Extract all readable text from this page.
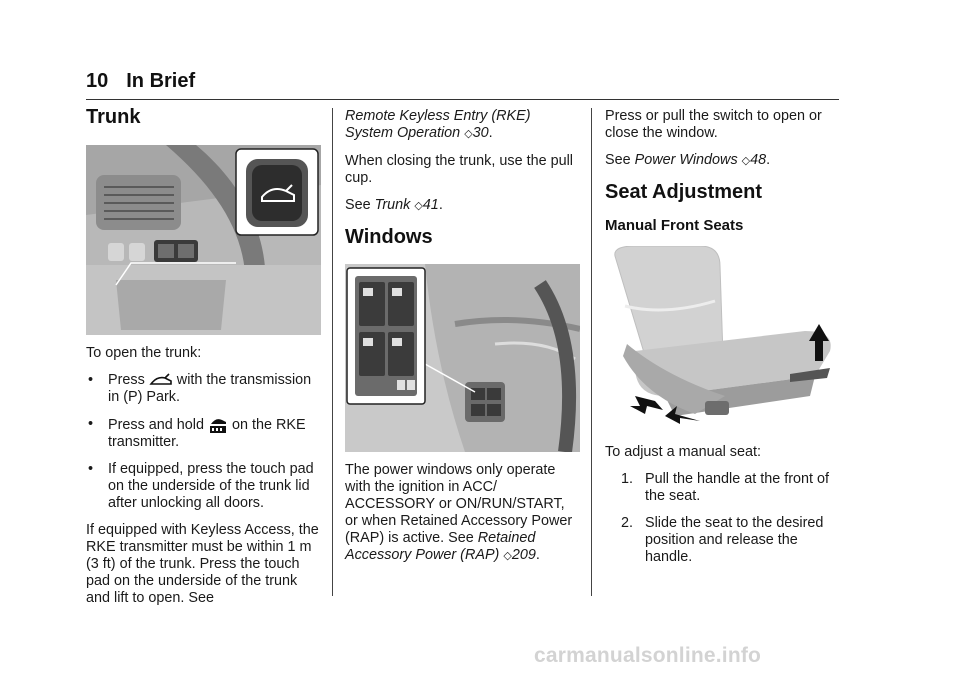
10 In Brief
Trunk

To open the trunk:

• Press with the transmission in (P) Park.
• Press and hold on the RKE transmitter.
• If equipped, press the touch pad on the underside of the trunk lid after unlocking all doors.

If equipped with Keyless Access, the RKE transmitter must be within 1 m (3 ft) of the trunk. Press the touch pad on the underside of the trunk and lift to open. See

Remote Keyless Entry (RKE) System Operation ◇30.

When closing the trunk, use the pull cup.

See Trunk ◇41.

Windows

The power windows only operate with the ignition in ACC/ ACCESSORY or ON/RUN/START, or when Retained Accessory Power (RAP) is active. See Retained Accessory Power (RAP) ◇209.

Press or pull the switch to open or close the window.

See Power Windows ◇48.

Seat Adjustment
Manual Front Seats

To adjust a manual seat:

1. Pull the handle at the front of the seat.
2. Slide the seat to the desired position and release the handle.
carmanualsonline.info
